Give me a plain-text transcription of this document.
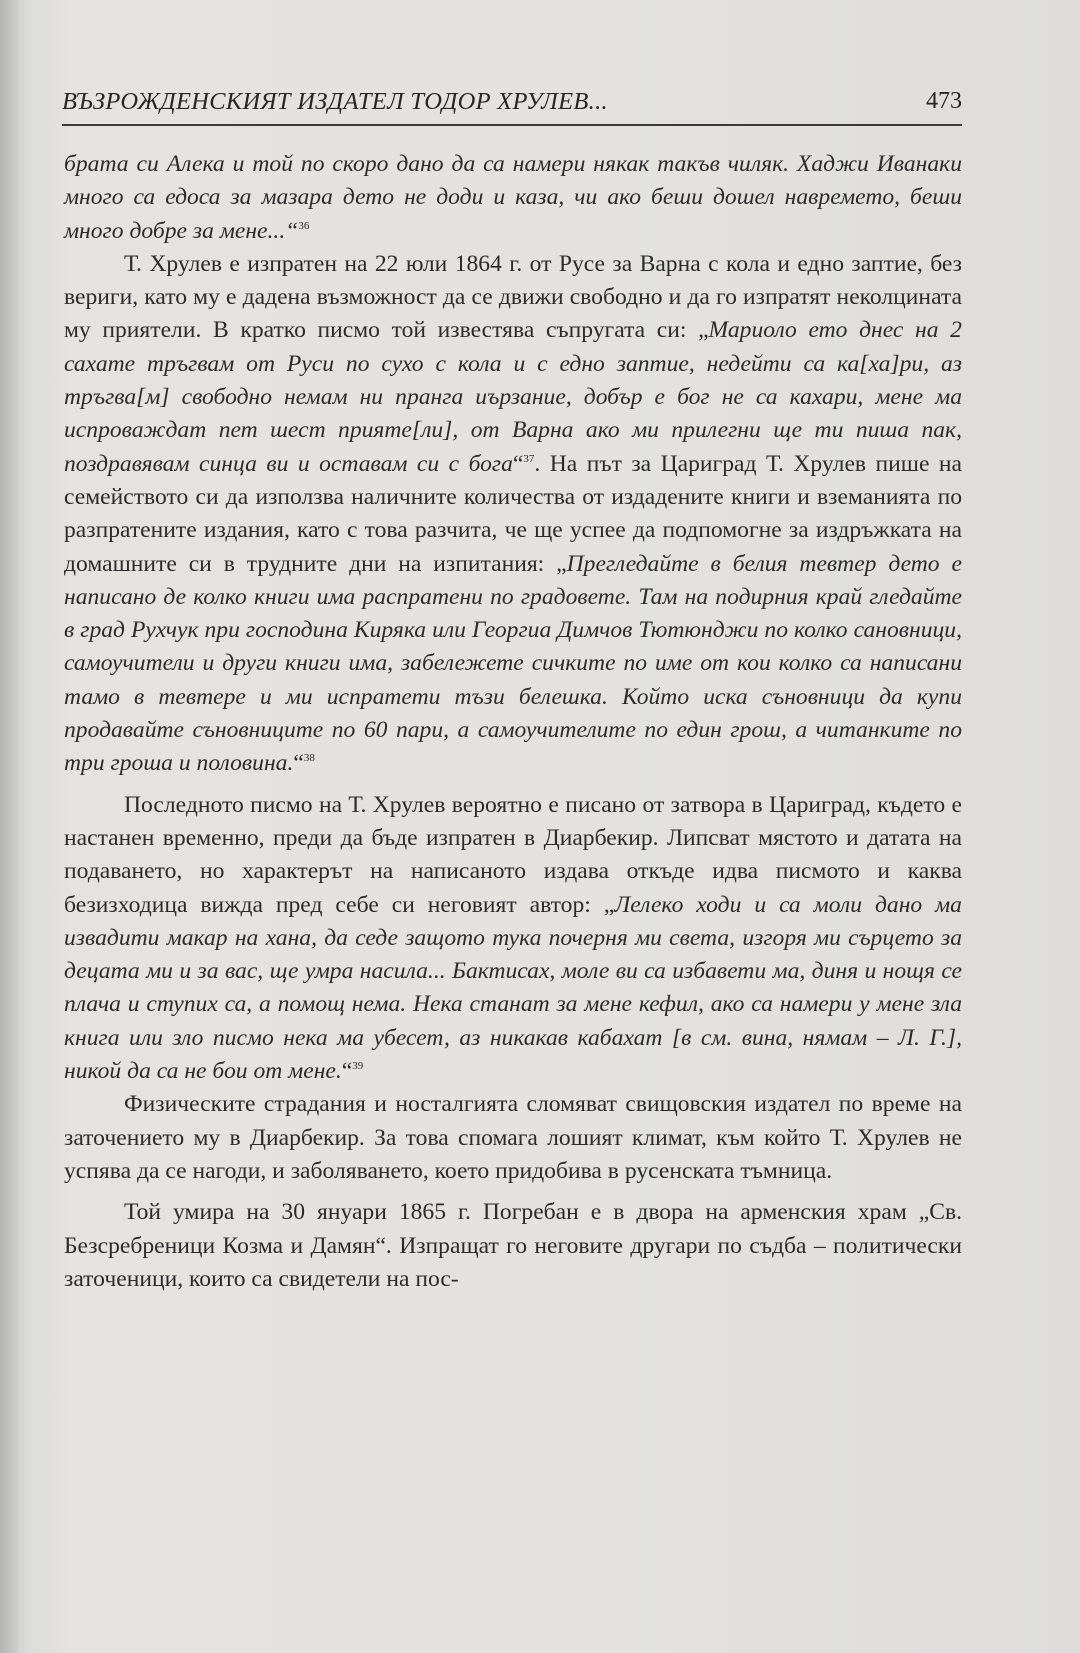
ВЪЗРОЖДЕНСКИЯТ ИЗДАТЕЛ ТОДОР ХРУЛЕВ...	473

брата си Алека и той по скоро дано да са намери някак такъв чиляк. Хаджи Иванаки много са едоса за мазара дето не доди и каза, чи ако беши дошел навремето, беши много добре за мене...“$^{36}$

Т. Хрулев е изпратен на 22 юли 1864 г. от Русе за Варна с кола и едно заптие, без вериги, като му е дадена възможност да се движи свободно и да го изпратят неколцината му приятели. В кратко писмо той известява съпругата си: „Мариоло ето днес на 2 сахате тръгвам от Руси по сухо с кола и с едно заптие, недейти са ка[ха]ри, аз тръгва[м] свободно немам ни пранга иързание, добър е бог не са кахари, мене ма испроваждат пет шест приятe[ли], от Варна ако ми прилегни ще ти пиша пак, поздравявам синца ви и оставам си с бога“$^{37}$. На път за Цариград Т. Хрулев пише на семейството си да използва наличните количества от издадените книги и вземанията по разпратените издания, като с това разчита, че ще успее да подпомогне за издръжката на домашните си в трудните дни на изпитания: „Прегледайте в белия тевтер дето е написано де колко книги има распратени по градовете. Там на подирния край гледайте в град Рухчук при господина Киряка или Георгиа Димчов Тютюнджи по колко сановници, самоучители и други книги има, забележете сичките по име от кои колко са написани тамо в тевтере и ми испратети тъзи белешка. Който иска съновници да купи продавайте съновниците по 60 пари, а самоучителите по един грош, а читанките по три гроша и половина.“$^{38}$

Последното писмо на Т. Хрулев вероятно е писано от затвора в Цариград, където е настанен временно, преди да бъде изпратен в Диарбекир. Липсват мястото и датата на подаването, но характерът на написаното издава откъде идва писмото и каква безизходица вижда пред себе си неговият автор: „Лелеко ходи и са моли дано ма извадити макар на хана, да седе защото тука почерня ми света, изгоря ми сърцето за децата ми и за вас, ще умра насила... Бактисах, моле ви са избавети ма, диня и нощя се плача и ступих са, а помощ нема. Нека станат за мене кефил, ако са намери у мене зла книга или зло писмо нека ма убесет, аз никакав кабахат [в см. вина, нямам – Л. Г.], никой да са не бои от мене.“$^{39}$

Физическите страдания и носталгията сломяват свищовския издател по време на заточението му в Диарбекир. За това спомага лошият климат, към който Т. Хрулев не успява да се нагоди, и заболяването, което придобива в русенската тъмница.

Той умира на 30 януари 1865 г. Погребан е в двора на арменския храм „Св. Безсребреници Козма и Дамян“. Изпращат го неговите другари по съдба – политически заточеници, които са свидетели на пос-
